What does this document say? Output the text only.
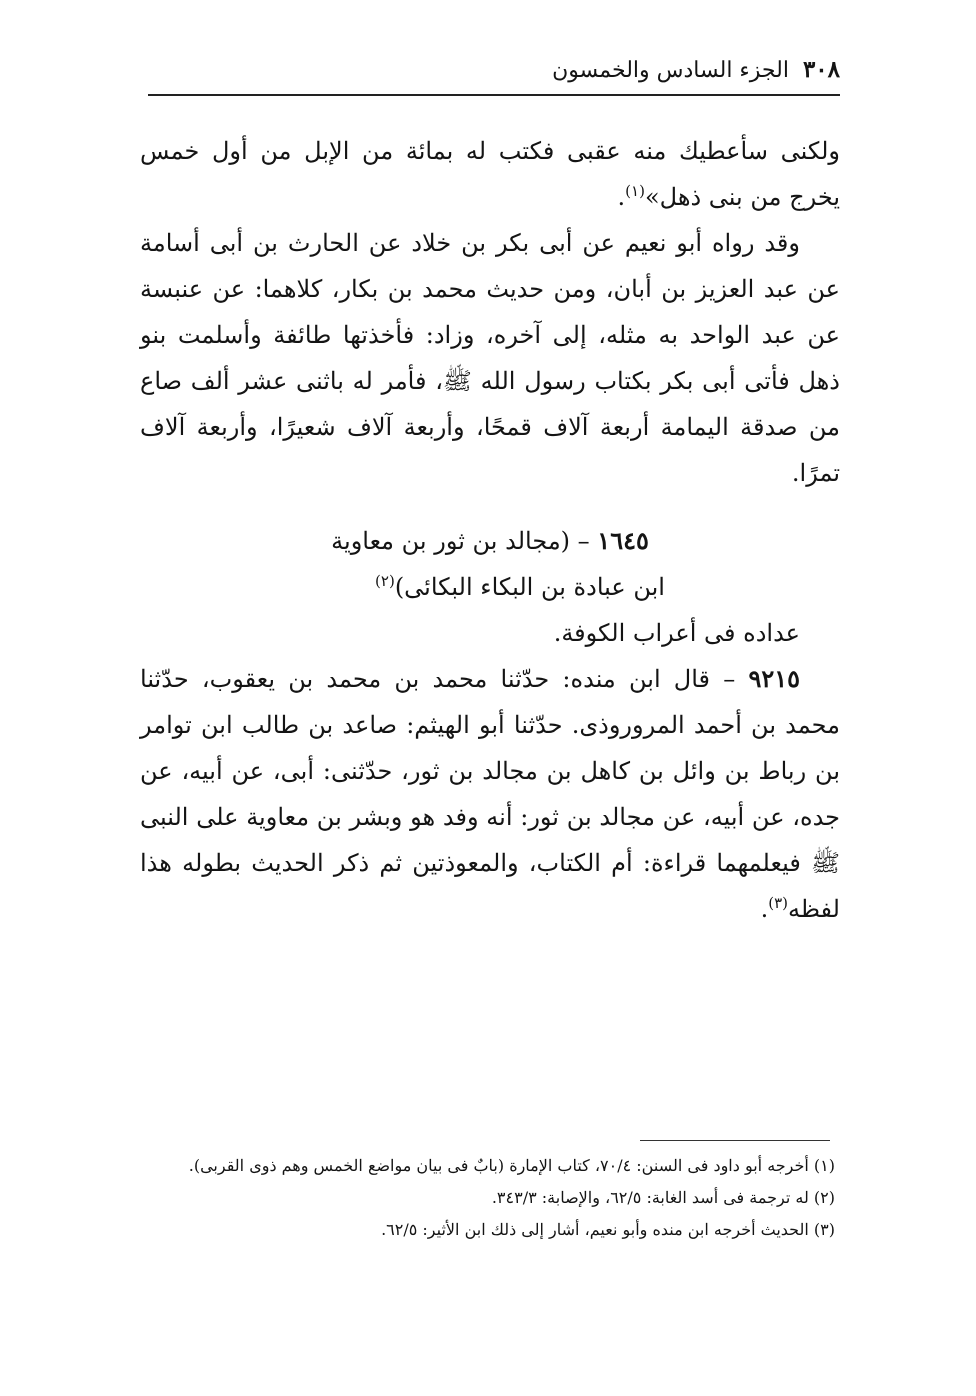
٣٠٨
الجزء السادس والخمسون

ولكنى سأعطيك منه عقبى فكتب له بمائة من الإبل من أول خمس يخرج من بنى ذهل»$^{(١)}$.

وقد رواه أبو نعيم عن أبى بكر بن خلاد عن الحارث بن أبى أسامة عن عبد العزيز بن أبان، ومن حديث محمد بن بكار، كلاهما: عن عنبسة عن عبد الواحد به مثله، إلى آخره، وزاد: فأخذتها طائفة وأسلمت بنو ذهل فأتى أبى بكر بكتاب رسول الله ﷺ، فأمر له باثنى عشر ألف صاع من صدقة اليمامة أربعة آلاف قمحًا، وأربعة آلاف شعيرًا، وأربعة آلاف تمرًا.

١٦٤٥ – (مجالد بن ثور بن معاوية

ابن عبادة بن البكاء البكائى)$^{(٢)}$

عداده فى أعراب الكوفة.

٩٢١٥ – قال ابن منده: حدّثنا محمد بن محمد بن يعقوب، حدّثنا محمد بن أحمد المروروذى. حدّثنا أبو الهيثم: صاعد بن طالب ابن توامر بن رباط بن وائل بن كاهل بن مجالد بن ثور، حدّثنى: أبى، عن أبيه، عن جده، عن أبيه، عن مجالد بن ثور: أنه وفد هو وبشر بن معاوية على النبى ﷺ فيعلمهما قراءة: أم الكتاب، والمعوذتين ثم ذكر الحديث بطوله هذا لفظه$^{(٣)}$.

(١) أخرجه أبو داود فى السنن: ٧٠/٤، كتاب الإمارة (بابٌ فى بيان مواضع الخمس وهم ذوى القربى).

(٢) له ترجمة فى أسد الغابة: ٦٢/٥، والإصابة: ٣٤٣/٣.

(٣) الحديث أخرجه ابن منده وأبو نعيم، أشار إلى ذلك ابن الأثير: ٦٢/٥.
